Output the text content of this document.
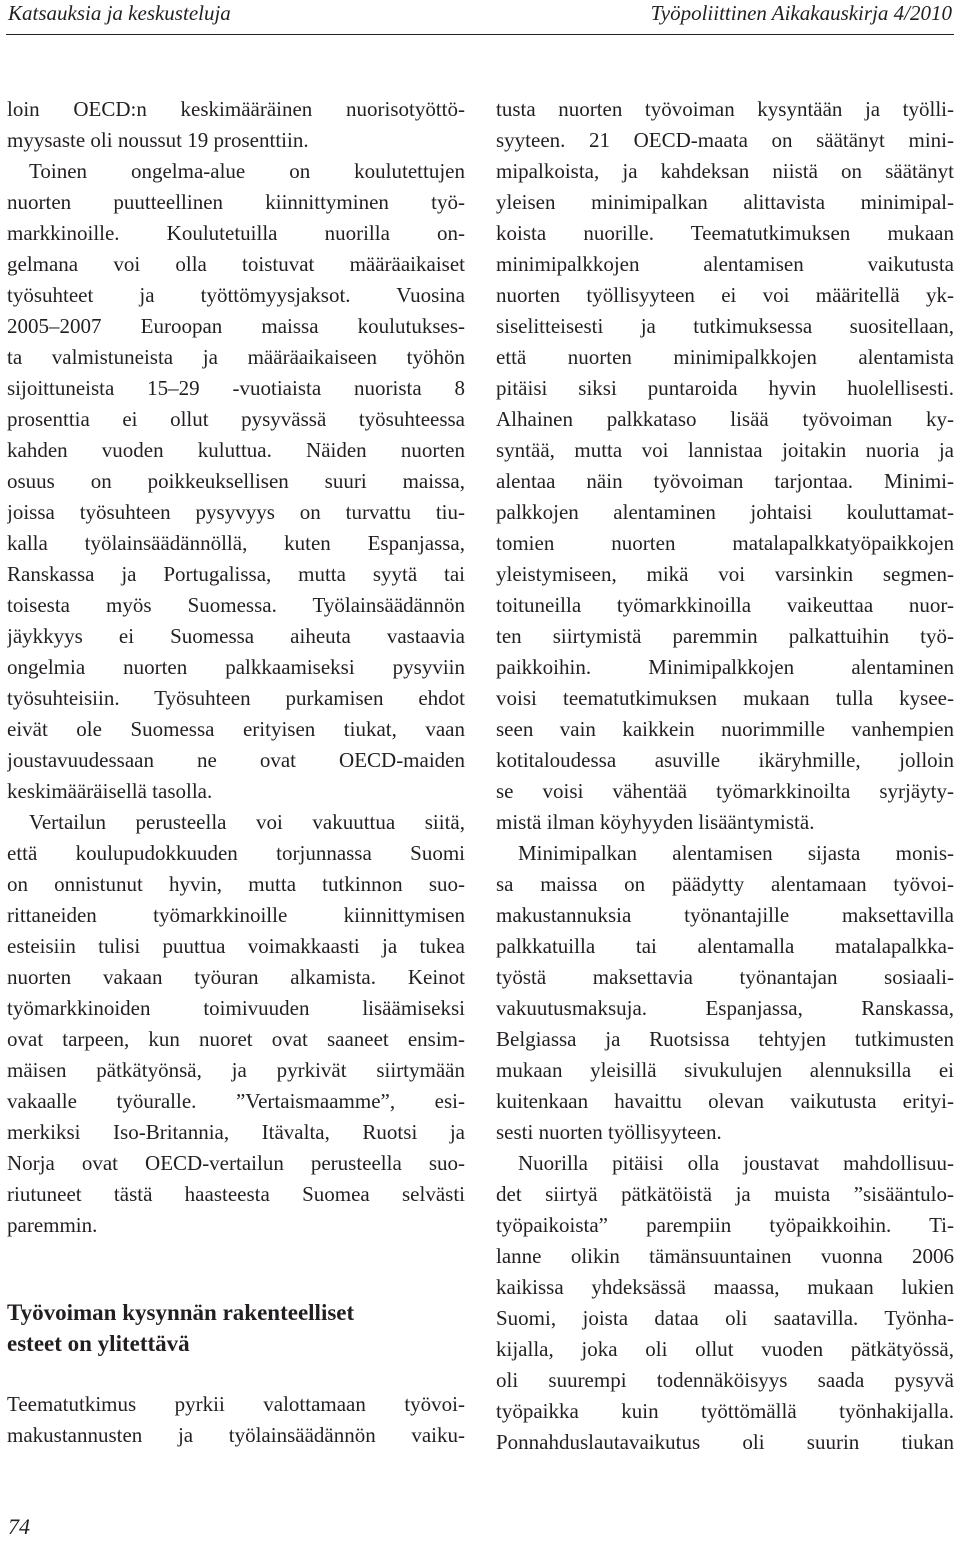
Katsauksia ja keskusteluja	Työpoliittinen Aikakauskirja 4/2010
loin OECD:n keskimääräinen nuorisotyöttö-
myysaste oli noussut 19 prosenttiin.
Toinen ongelma-alue on koulutettujen
nuorten puutteellinen kiinnittyminen työ-
markkinoille. Koulutetuilla nuorilla on-
gelmana voi olla toistuvat määräaikaiset
työsuhteet ja työttömyysjaksot. Vuosina
2005–2007 Euroopan maissa koulutukses-
ta valmistuneista ja määräaikaiseen työhön
sijoittuneista 15–29 -vuotiaista nuorista 8
prosenttia ei ollut pysyvässä työsuhteessa
kahden vuoden kuluttua. Näiden nuorten
osuus on poikkeuksellisen suuri maissa,
joissa työsuhteen pysyvyys on turvattu tiu-
kalla työlainsäädännöllä, kuten Espanjassa,
Ranskassa ja Portugalissa, mutta syytä tai
toisesta myös Suomessa. Työlainsäädännön
jäykkyys ei Suomessa aiheuta vastaavia
ongelmia nuorten palkkaamiseksi pysyviin
työsuhteisiin. Työsuhteen purkamisen ehdot
eivät ole Suomessa erityisen tiukat, vaan
joustavuudessaan ne ovat OECD-maiden
keskimääräisellä tasolla.
Vertailun perusteella voi vakuuttua siitä,
että koulupudokkuuden torjunnassa Suomi
on onnistunut hyvin, mutta tutkinnon suo-
rittaneiden työmarkkinoille kiinnittymisen
esteisiin tulisi puuttua voimakkaasti ja tukea
nuorten vakaan työuran alkamista. Keinot
työmarkkinoiden toimivuuden lisäämiseksi
ovat tarpeen, kun nuoret ovat saaneet ensim-
mäisen pätkätyönsä, ja pyrkivät siirtymään
vakaalle työuralle. ”Vertaismaamme”, esi-
merkiksi Iso-Britannia, Itävalta, Ruotsi ja
Norja ovat OECD-vertailun perusteella suo-
riutuneet tästä haasteesta Suomea selvästi
paremmin.
Työvoiman kysynnän rakenteelliset
esteet on ylitettävä
Teematutkimus pyrkii valottamaan työvoi-
makustannusten ja työlainsäädännön vaiku-
tusta nuorten työvoiman kysyntään ja työlli-
syyteen. 21 OECD-maata on säätänyt mini-
mipalkoista, ja kahdeksan niistä on säätänyt
yleisen minimipalkan alittavista minimipal-
koista nuorille. Teematutkimuksen mukaan
minimipalkkojen alentamisen vaikutusta
nuorten työllisyyteen ei voi määritellä yk-
siselitteisesti ja tutkimuksessa suositellaan,
että nuorten minimipalkkojen alentamista
pitäisi siksi puntaroida hyvin huolellisesti.
Alhainen palkkataso lisää työvoiman ky-
syntää, mutta voi lannistaa joitakin nuoria ja
alentaa näin työvoiman tarjontaa. Minimi-
palkkojen alentaminen johtaisi kouluttamat-
tomien nuorten matalapalkkatyöpaikkojen
yleistymiseen, mikä voi varsinkin segmen-
toituneilla työmarkkinoilla vaikeuttaa nuor-
ten siirtymistä paremmin palkattuihin työ-
paikkoihin. Minimipalkkojen alentaminen
voisi teematutkimuksen mukaan tulla kysee-
seen vain kaikkein nuorimmille vanhempien
kotitaloudessa asuville ikäryhmille, jolloin
se voisi vähentää työmarkkinoilta syrjäyty-
mistä ilman köyhyyden lisääntymistä.
Minimipalkan alentamisen sijasta monis-
sa maissa on päädytty alentamaan työvoi-
makustannuksia työnantajille maksettavilla
palkkatuilla tai alentamalla matalapalkka-
työstä maksettavia työnantajan sosiaali-
vakuutusmaksuja. Espanjassa, Ranskassa,
Belgiassa ja Ruotsissa tehtyjen tutkimusten
mukaan yleisillä sivukulujen alennuksilla ei
kuitenkaan havaittu olevan vaikutusta erityi-
sesti nuorten työllisyyteen.
Nuorilla pitäisi olla joustavat mahdollisuu-
det siirtyä pätkätöistä ja muista ”sisääntulo-
työpaikoista” parempiin työpaikkoihin. Ti-
lanne olikin tämänsuuntainen vuonna 2006
kaikissa yhdeksässä maassa, mukaan lukien
Suomi, joista dataa oli saatavilla. Työnha-
kijalla, joka oli ollut vuoden pätkätyössä,
oli suurempi todennäköisyys saada pysyvä
työpaikka kuin työttömällä työnhakijalla.
Ponnahduslautavaikutus oli suurin tiukan
74
